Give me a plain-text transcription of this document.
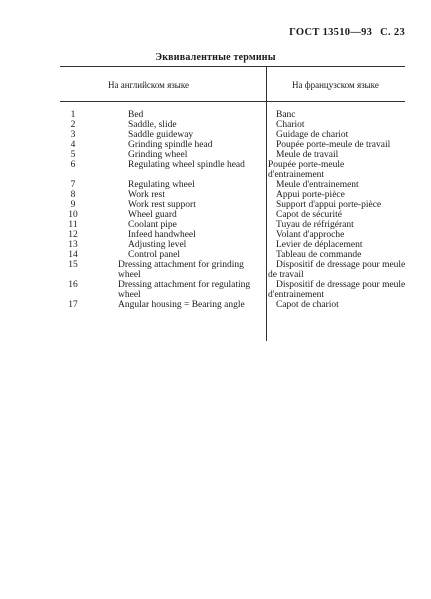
ГОСТ 13510—93 С. 23
Эквивалентные термины
На английском языке	На французском языке
1
2
3
4
5
6
7
8
9
10
11
12
13
14
15
16
17
Bed
Saddle, slide
Saddle guideway
Grinding spindle head
Grinding wheel
Regulating wheel spindle head
Regulating wheel
Work rest
Work rest support
Wheel guard
Coolant pipe
Infeed handwheel
Adjusting level
Control panel
Dressing attachment for grinding wheel
Dressing attachment for regulating wheel
Angular housing = Bearing angle
Banc
Chariot
Guidage de chariot
Poupée porte-meule de travail
Meule de travail
Poupée porte-meule d'entrainement
Meule d'entrainement
Appui porte-pièce
Support d'appui porte-pièce
Capot de sécurité
Tuyau de réfrigérant
Volant d'approche
Levier de déplacement
Tableau de commande
Dispositif de dressage pour meule de travail
Dispositif de dressage pour meule d'entrainement
Capot de chariot
